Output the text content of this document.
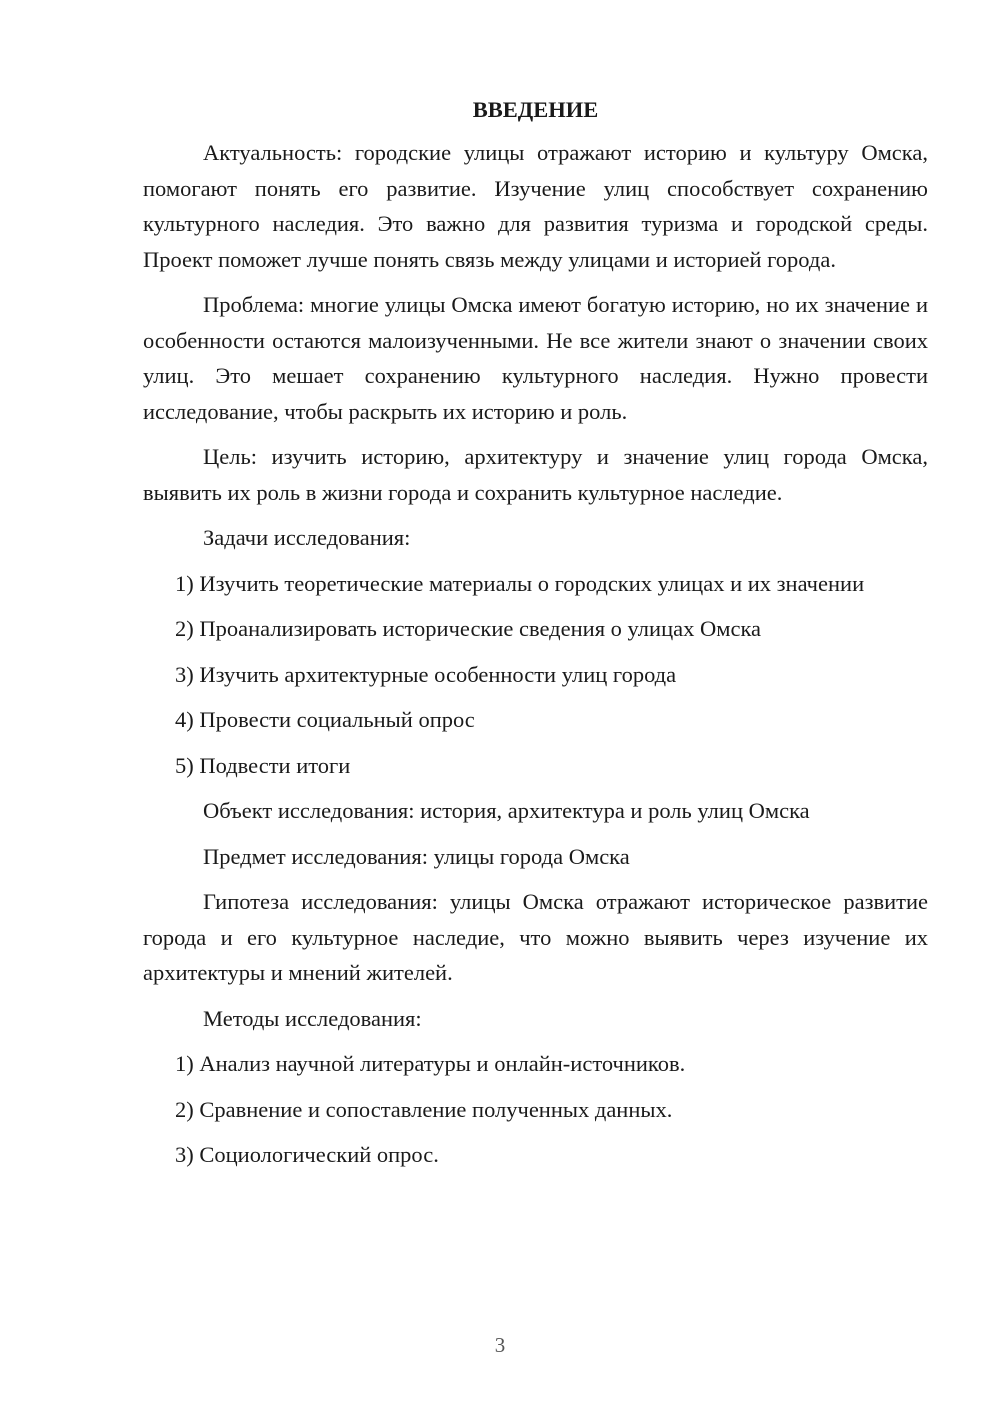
ВВЕДЕНИЕ

Актуальность: городские улицы отражают историю и культуру Омска, помогают понять его развитие. Изучение улиц способствует сохранению культурного наследия. Это важно для развития туризма и городской среды. Проект поможет лучше понять связь между улицами и историей города.

Проблема: многие улицы Омска имеют богатую историю, но их значение и особенности остаются малоизученными. Не все жители знают о значении своих улиц. Это мешает сохранению культурного наследия. Нужно провести исследование, чтобы раскрыть их историю и роль.

Цель: изучить историю, архитектуру и значение улиц города Омска, выявить их роль в жизни города и сохранить культурное наследие.

Задачи исследования:

1) Изучить теоретические материалы о городских улицах и их значении

2) Проанализировать исторические сведения о улицах Омска

3) Изучить архитектурные особенности улиц города

4) Провести социальный опрос

5) Подвести итоги

Объект исследования: история, архитектура и роль улиц Омска

Предмет исследования: улицы города Омска

Гипотеза исследования: улицы Омска отражают историческое развитие города и его культурное наследие, что можно выявить через изучение их архитектуры и мнений жителей.

Методы исследования:

1) Анализ научной литературы и онлайн-источников.

2) Сравнение и сопоставление полученных данных.

3) Социологический опрос.

3
